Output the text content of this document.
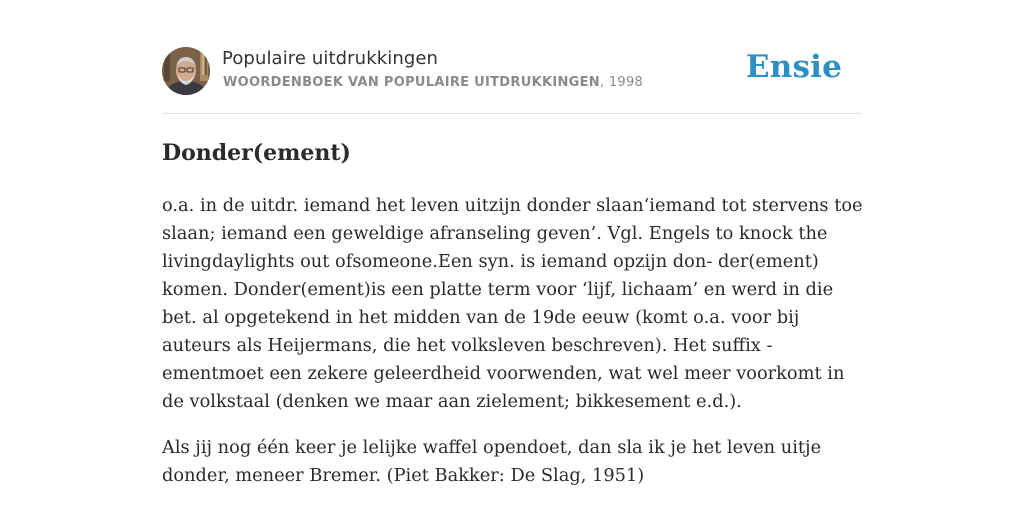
Populaire uitdrukkingen
WOORDENBOEK VAN POPULAIRE UITDRUKKINGEN, 1998	Ensie
Donder(ement)

o.a. in de uitdr. iemand het leven uitzijn donder slaan‘iemand tot stervens toe slaan; iemand een geweldige afranseling geven’. Vgl. Engels to knock the livingdaylights out ofsomeone.Een syn. is iemand opzijn don- der(ement) komen. Donder(ement)is een platte term voor ‘lijf, lichaam’ en werd in die bet. al opgetekend in het midden van de 19de eeuw (komt o.a. voor bij auteurs als Heijermans, die het volksleven beschreven). Het suffix -ementmoet een zekere geleerdheid voorwenden, wat wel meer voorkomt in de volkstaal (denken we maar aan zielement; bikkesement e.d.).

Als jij nog één keer je lelijke waffel opendoet, dan sla ik je het leven uitje donder, meneer Bremer. (Piet Bakker: De Slag, 1951)
